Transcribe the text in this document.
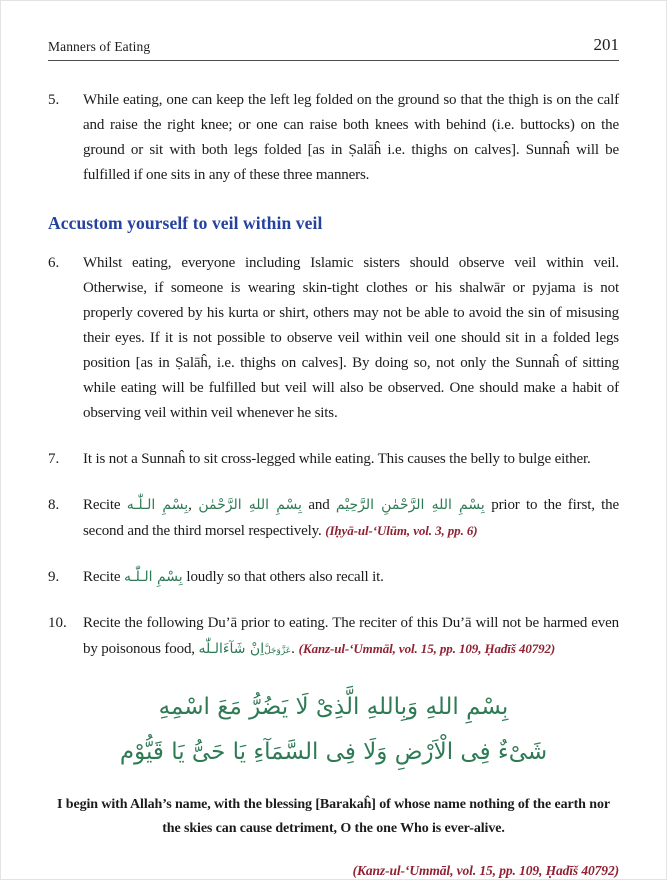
Manners of Eating	201
5.	While eating, one can keep the left leg folded on the ground so that the thigh is on the calf and raise the right knee; or one can raise both knees with behind (i.e. buttocks) on the ground or sit with both legs folded [as in Ṣalāĥ i.e. thighs on calves]. Sunnaĥ will be fulfilled if one sits in any of these three manners.
Accustom yourself to veil within veil
6.	Whilst eating, everyone including Islamic sisters should observe veil within veil. Otherwise, if someone is wearing skin-tight clothes or his shalwār or pyjama is not properly covered by his kurta or shirt, others may not be able to avoid the sin of misusing their eyes. If it is not possible to observe veil within veil one should sit in a folded legs position [as in Ṣalāĥ, i.e. thighs on calves]. By doing so, not only the Sunnaĥ of sitting while eating will be fulfilled but veil will also be observed. One should make a habit of observing veil within veil whenever he sits.
7.	It is not a Sunnaĥ to sit cross-legged while eating. This causes the belly to bulge either.
8.	Recite بِسْمِ الـلّٰـه, بِسْمِ اللهِ الرَّحْمٰن and بِسْمِ اللهِ الرَّحْمٰنِ الرَّحِيْم prior to the first, the second and the third morsel respectively. (Iḥyā-ul-‘Ulūm, vol. 3, pp. 6)
9.	Recite بِسْمِ الـلّٰـه loudly so that others also recall it.
10.	Recite the following Du’ā prior to eating. The reciter of this Du’ā will not be harmed even by poisonous food, اِنْ شَآءَالـلّٰهعَزَّوَجَلَّ. (Kanz-ul-‘Ummāl, vol. 15, pp. 109, Ḥadīš 40792)
بِسْمِ اللهِ وَبِاللهِ الَّذِىْ لَا يَضُرُّ مَعَ اسْمِهِ
شَىْءٌ فِى الْاَرْضِ وَلَا فِى السَّمَآءِ يَا حَىُّ يَا قَيُّوْم

I begin with Allah’s name, with the blessing [Barakaĥ] of whose name nothing of the earth nor the skies can cause detriment, O the one Who is ever-alive.

(Kanz-ul-‘Ummāl, vol. 15, pp. 109, Ḥadīš 40792)
